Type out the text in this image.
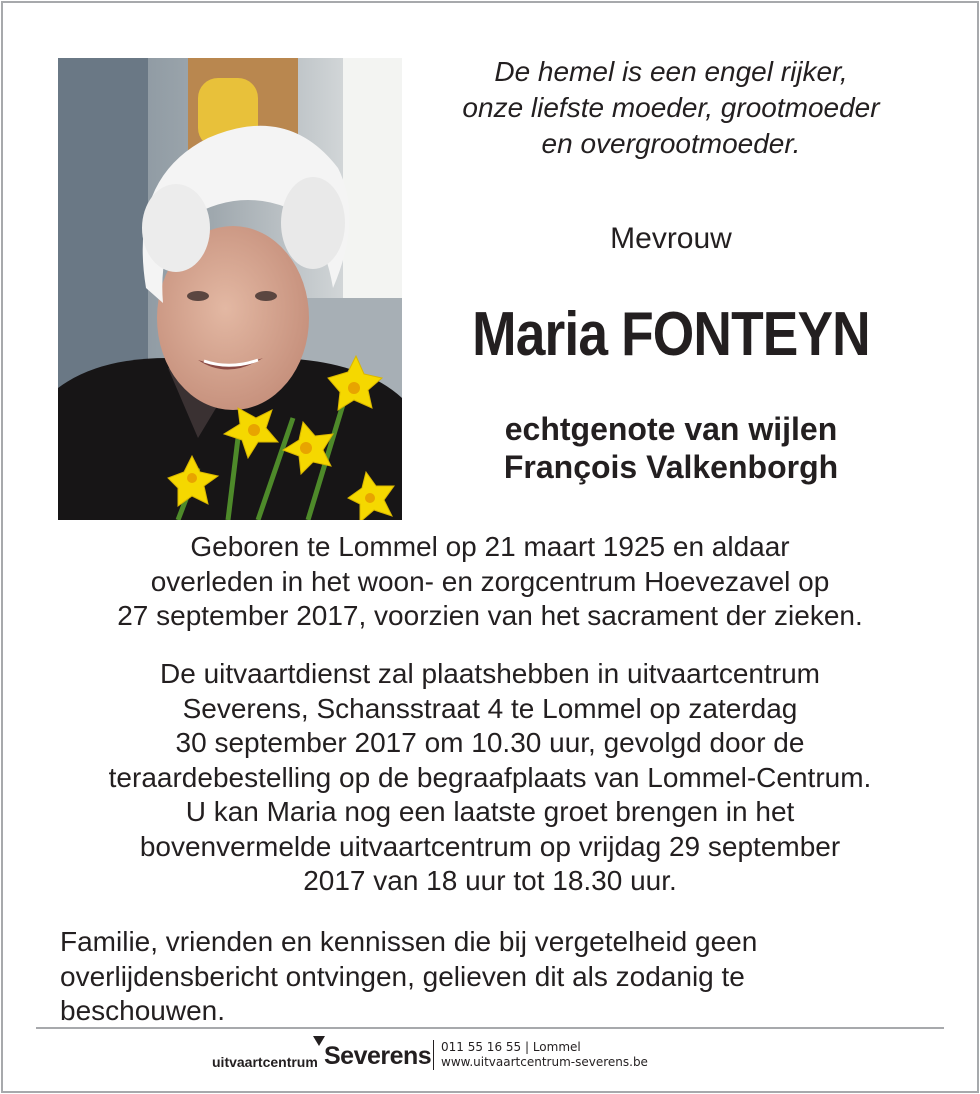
De hemel is een engel rijker,
onze liefste moeder, grootmoeder
en overgrootmoeder.
Mevrouw
Maria FONTEYN
echtgenote van wijlen
François Valkenborgh
Geboren te Lommel op 21 maart 1925 en aldaar
overleden in het woon- en zorgcentrum Hoevezavel op
27 september 2017, voorzien van het sacrament der zieken.
De uitvaartdienst zal plaatshebben in uitvaartcentrum
Severens, Schansstraat 4 te Lommel op zaterdag
30 september 2017 om 10.30 uur, gevolgd door de
teraardebestelling op de begraafplaats van Lommel-Centrum.
U kan Maria nog een laatste groet brengen in het
bovenvermelde uitvaartcentrum op vrijdag 29 september
2017 van 18 uur tot 18.30 uur.
Familie, vrienden en kennissen die bij vergetelheid geen
overlijdensbericht ontvingen, gelieven dit als zodanig te
beschouwen.
uitvaartcentrum Severens 011 55 16 55 | Lommel
www.uitvaartcentrum-severens.be
